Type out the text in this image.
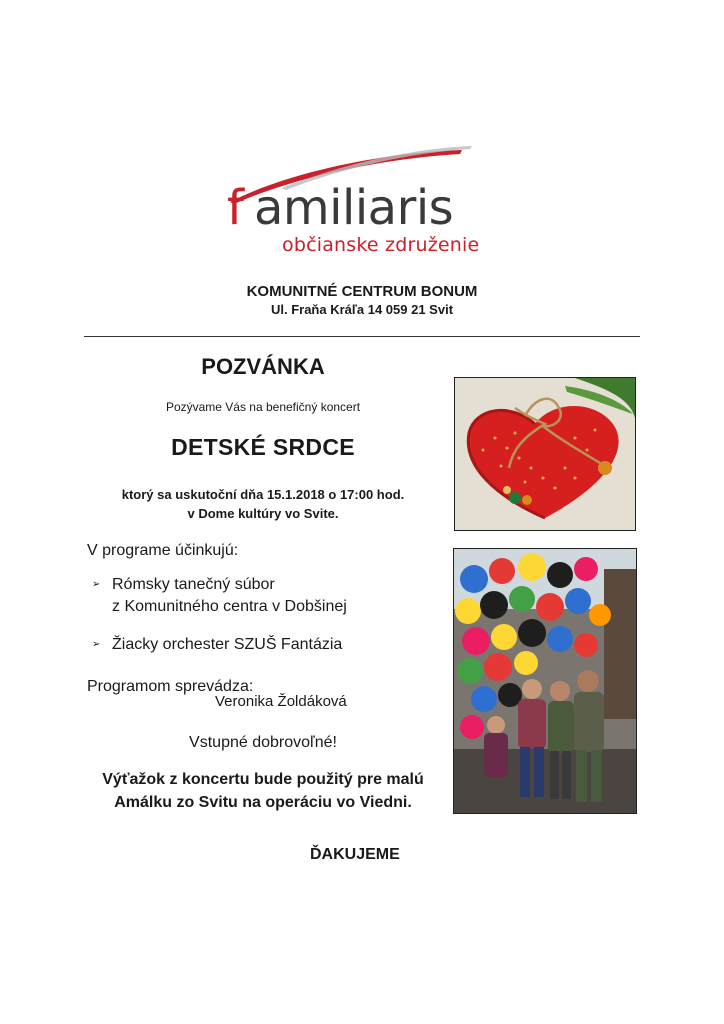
f amiliaris
občianske združenie
KOMUNITNÉ CENTRUM BONUM
Ul. Fraňa Kráľa 14 059 21 Svit
POZVÁNKA
Pozývame Vás na benefičný koncert
DETSKÉ SRDCE
ktorý sa uskutoční dňa 15.1.2018 o 17:00 hod.
v Dome kultúry vo Svite.
V programe účinkujú:
➢ Rómsky tanečný súbor
z Komunitného centra v Dobšinej
➢ Žiacky orchester SZUŠ Fantázia
Programom sprevádza:
Veronika Žoldáková
Vstupné dobrovoľné!
Výťažok z koncertu bude použitý pre malú
Amálku zo Svitu na operáciu vo Viedni.
ĎAKUJEME
